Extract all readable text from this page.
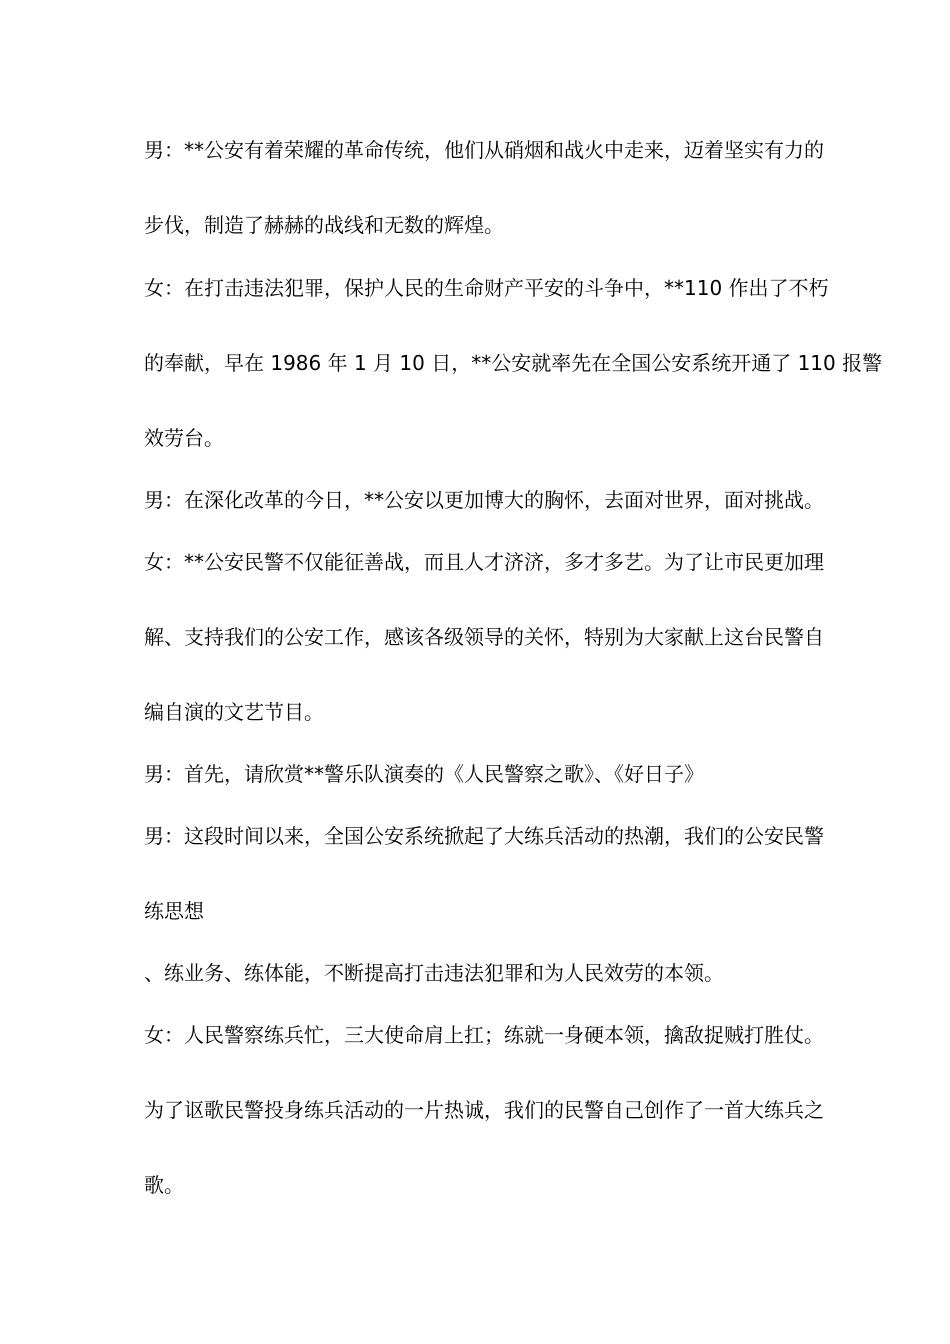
男：**公安有着荣耀的革命传统，他们从硝烟和战火中走来，迈着坚实有力的
步伐，制造了赫赫的战线和无数的辉煌。
女：在打击违法犯罪，保护人民的生命财产平安的斗争中，**110 作出了不朽
的奉献，早在 1986 年 1 月 10 日，**公安就率先在全国公安系统开通了 110 报警
效劳台。
男：在深化改革的今日，**公安以更加博大的胸怀，去面对世界，面对挑战。
女：**公安民警不仅能征善战，而且人才济济，多才多艺。为了让市民更加理
解、支持我们的公安工作，感该各级领导的关怀，特别为大家献上这台民警自
编自演的文艺节目。
男：首先，请欣赏**警乐队演奏的《人民警察之歌》、《好日子》
男：这段时间以来，全国公安系统掀起了大练兵活动的热潮，我们的公安民警
练思想
、练业务、练体能，不断提高打击违法犯罪和为人民效劳的本领。
女：人民警察练兵忙，三大使命肩上扛；练就一身硬本领，擒敌捉贼打胜仗。
为了讴歌民警投身练兵活动的一片热诚，我们的民警自己创作了一首大练兵之
歌。
